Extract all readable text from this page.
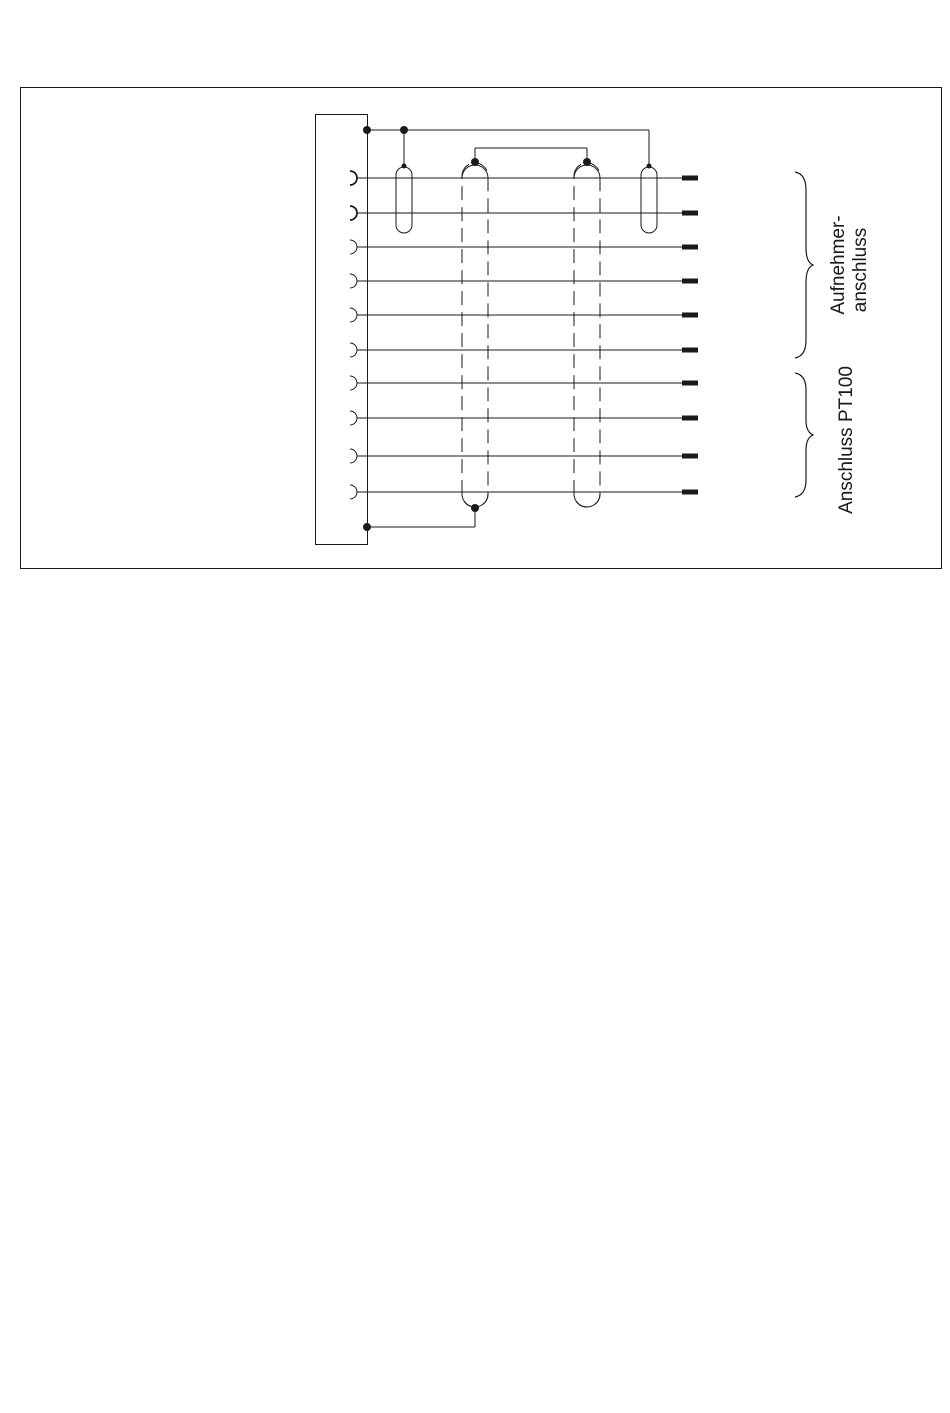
Aufnehmer- anschluss
Anschluss PT100
